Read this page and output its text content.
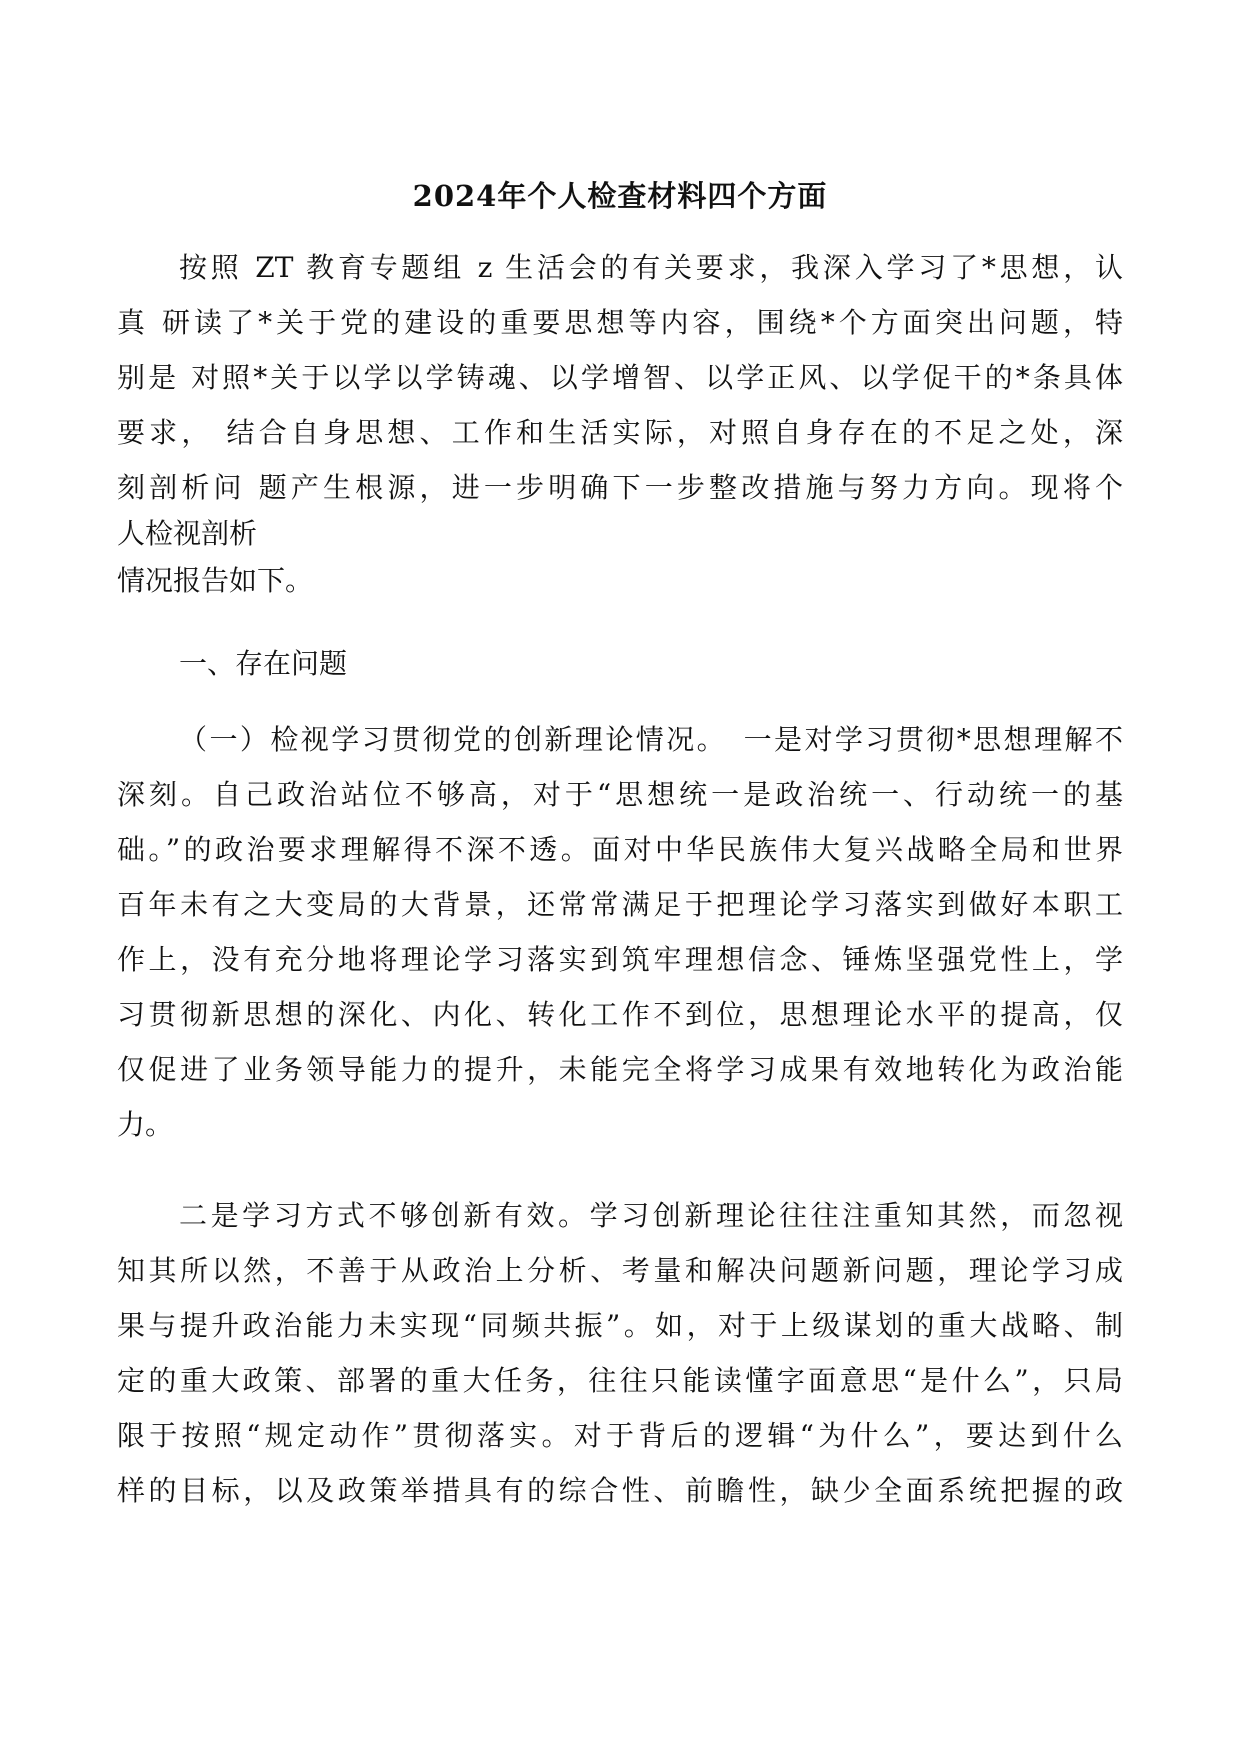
2024年个人检查材料四个方面
按照 ZT 教育专题组 z 生活会的有关要求，我深入学习了*思想，认
真 研读了*关于党的建设的重要思想等内容，围绕*个方面突出问题，特
别是 对照*关于以学以学铸魂、以学增智、以学正风、以学促干的*条具体
要求， 结合自身思想、工作和生活实际，对照自身存在的不足之处，深
刻剖析问 题产生根源，进一步明确下一步整改措施与努力方向。现将个
人检视剖析
情况报告如下。
一、存在问题
（一）检视学习贯彻党的创新理论情况。　一是对学习贯彻*思想理解不
深刻。自己政治站位不够高，对于“思想统一是政治统一、行动统一的基
础。”的政治要求理解得不深不透。面对中华民族伟大复兴战略全局和世界
百年未有之大变局的大背景，还常常满足于把理论学习落实到做好本职工
作上，没有充分地将理论学习落实到筑牢理想信念、锤炼坚强党性上，学
习贯彻新思想的深化、内化、转化工作不到位，思想理论水平的提高，仅
仅促进了业务领导能力的提升，未能完全将学习成果有效地转化为政治能
力。
二是学习方式不够创新有效。学习创新理论往往注重知其然，而忽视
知其所以然，不善于从政治上分析、考量和解决问题新问题，理论学习成
果与提升政治能力未实现“同频共振”。如，对于上级谋划的重大战略、制
定的重大政策、部署的重大任务，往往只能读懂字面意思“是什么”，只局
限于按照“规定动作”贯彻落实。对于背后的逻辑“为什么”，要达到什么
样的目标，以及政策举措具有的综合性、前瞻性，缺少全面系统把握的政
